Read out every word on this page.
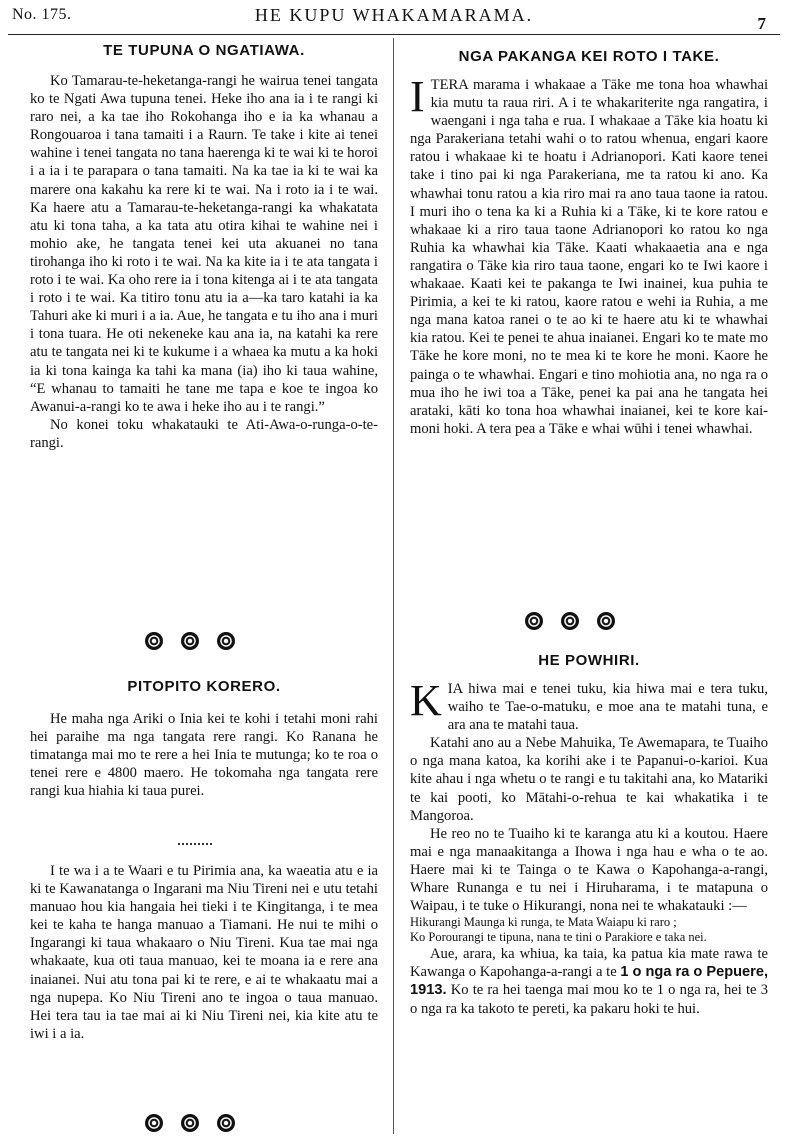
No. 175.	HE KUPU WHAKAMARAMA.	7
TE TUPUNA O NGATIAWA.

Ko Tamarau-te-heketanga-rangi he wairua tenei tangata ko te Ngati Awa tupuna tenei. Heke iho ana ia i te rangi ki raro nei, a ka tae iho Rokohanga iho e ia ka whanau a Rongouaroa i tana tamaiti i a Raurn. Te take i kite ai tenei wahine i tenei tangata no tana haerenga ki te wai ki te horoi i a ia i te parapara o tana tamaiti. Na ka tae ia ki te wai ka marere ona kakahu ka rere ki te wai. Na i roto ia i te wai. Ka haere atu a Tamarau-te-heketanga-rangi ka whakatata atu ki tona taha, a ka tata atu otira kihai te wahine nei i mohio ake, he tangata tenei kei uta akuanei no tana tirohanga iho ki roto i te wai. Na ka kite ia i te ata tangata i roto i te wai. Ka oho rere ia i tona kitenga ai i te ata tangata i roto i te wai. Ka titiro tonu atu ia a—ka taro katahi ia ka Tahuri ake ki muri i a ia. Aue, he tangata e tu iho ana i muri i tona tuara. He oti nekeneke kau ana ia, na katahi ka rere atu te tangata nei ki te kukume i a whaea ka mutu a ka hoki ia ki tona kainga ka tahi ka mana (ia) iho ki taua wahine, “E whanau to tamaiti he tane me tapa e koe te ingoa ko Awanui-a-rangi ko te awa i heke iho au i te rangi.”

No konei toku whakatauki te Ati-Awa-o-runga-o-te-rangi.

PITOPITO KORERO.

He maha nga Ariki o Inia kei te kohi i tetahi moni rahi hei paraihe ma nga tangata rere rangi. Ko Ranana he timatanga mai mo te rere a hei Inia te mutunga; ko te roa o tenei rere e 4800 maero. He tokomaha nga tangata rere rangi kua hiahia ki taua purei.

I te wa i a te Waari e tu Pirimia ana, ka waeatia atu e ia ki te Kawanatanga o Ingarani ma Niu Tireni nei e utu tetahi manuao hou kia hangaia hei tieki i te Kingitanga, i te mea kei te kaha te hanga manuao a Tiamani. He nui te mihi o Ingarangi ki taua whakaaro o Niu Tireni. Kua tae mai nga whakaate, kua oti taua manuao, kei te moana ia e rere ana inaianei. Nui atu tona pai ki te rere, e ai te whakaatu mai a nga nupepa. Ko Niu Tireni ano te ingoa o taua manuao. Hei tera tau ia tae mai ai ki Niu Tireni nei, kia kite atu te iwi i a ia.

NGA PAKANGA KEI ROTO I TAKE.

ITERA marama i whakaae a Tāke me tona hoa whawhai kia mutu ta raua riri. A i te whakariterite nga rangatira, i waengani i nga taha e rua. I whakaae a Tāke kia hoatu ki nga Parakeriana tetahi wahi o to ratou whenua, engari kaore ratou i whakaae ki te hoatu i Adrianopori. Kati kaore tenei take i tino pai ki nga Parakeriana, me ta ratou ki ano. Ka whawhai tonu ratou a kia riro mai ra ano taua taone ia ratou. I muri iho o tena ka ki a Ruhia ki a Tāke, ki te kore ratou e whakaae ki a riro taua taone Adrianopori ko ratou ko nga Ruhia ka whawhai kia Tāke. Kaati whakaaetia ana e nga rangatira o Tāke kia riro taua taone, engari ko te Iwi kaore i whakaae. Kaati kei te pakanga te Iwi inainei, kua puhia te Pirimia, a kei te ki ratou, kaore ratou e wehi ia Ruhia, a me nga mana katoa ranei o te ao ki te haere atu ki te whawhai kia ratou. Kei te penei te ahua inaianei. Engari ko te mate mo Tāke he kore moni, no te mea ki te kore he moni. Kaore he painga o te whawhai. Engari e tino mohiotia ana, no nga ra o mua iho he iwi toa a Tāke, penei ka pai ana he tangata hei arataki, kāti ko tona hoa whawhai inaianei, kei te kore kai-moni hoki. A tera pea a Tāke e whai wūhi i tenei whawhai.

HE POWHIRI.

KIA hiwa mai e tenei tuku, kia hiwa mai e tera tuku, waiho te Tae-o-matuku, e moe ana te matahi tuna, e ara ana te matahi taua.

Katahi ano au a Nebe Mahuika, Te Awemapara, te Tuaiho o nga mana katoa, ka korihi ake i te Papanui-o-karioi. Kua kite ahau i nga whetu o te rangi e tu takitahi ana, ko Matariki te kai pooti, ko Mātahi-o-rehua te kai whakatika i te Mangoroa.

He reo no te Tuaiho ki te karanga atu ki a koutou. Haere mai e nga manaakitanga a Ihowa i nga hau e wha o te ao. Haere mai ki te Tainga o te Kawa o Kapohanga-a-rangi, Whare Runanga e tu nei i Hiruharama, i te matapuna o Waipau, i te tuke o Hikurangi, nona nei te whakatauki :—

Hikurangi Maunga ki runga, te Mata Waiapu ki raro ;

Ko Porourangi te tipuna, nana te tini o Parakiore e taka nei.

Aue, arara, ka whiua, ka taia, ka patua kia mate rawa te Kawanga o Kapohanga-a-rangi a te 1 o nga ra o Pepuere, 1913. Ko te ra hei taenga mai mou ko te 1 o nga ra, hei te 3 o nga ra ka takoto te pereti, ka pakaru hoki te hui.
